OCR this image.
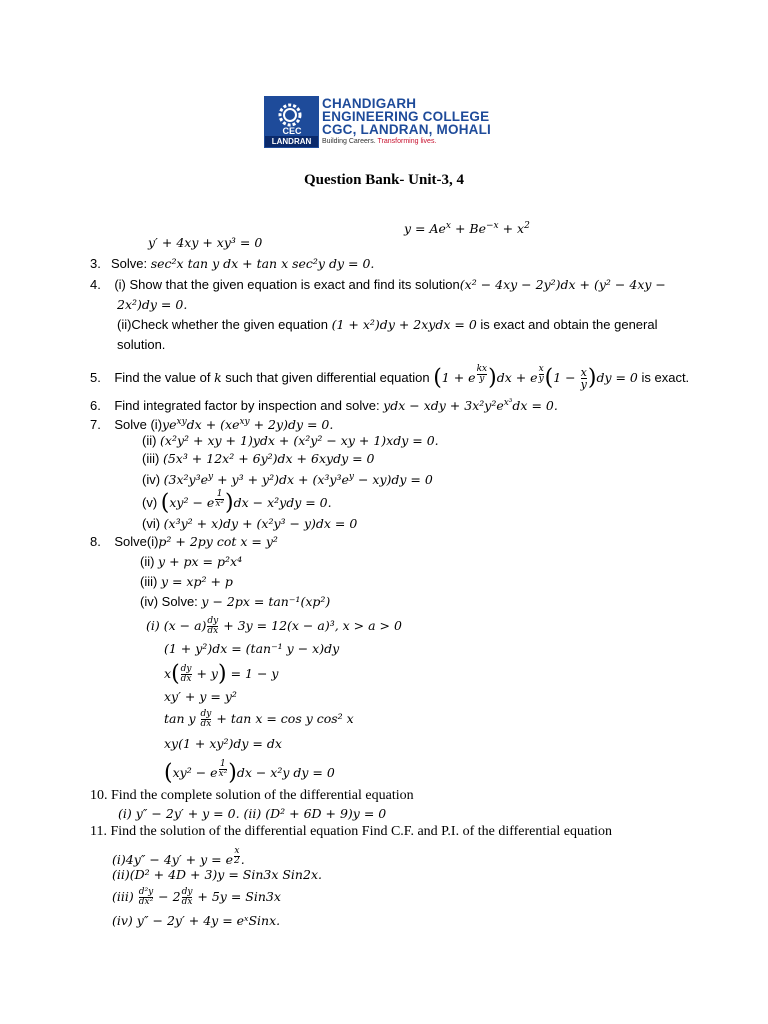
CEC
LANDRAN
CHANDIGARH
ENGINEERING COLLEGE
CGC, LANDRAN, MOHALI
Building Careers. Transforming lives.
Question Bank- Unit-3, 4
$y = Ae^x + Be^{-x} + x^2$
y′ + 4xy + xy³ = 0
3. Solve: sec²x tan y dx + tan x sec²y dy = 0.
4. (i) Show that the given equation is exact and find its solution(x² − 4xy − 2y²)dx + (y² − 4xy −
2x²)dy = 0.
(ii)Check whether the given equation (1 + x²)dy + 2xydx = 0 is exact and obtain the general
solution.
5. Find the value of k such that given differential equation (1 + e $^{\frac{kx}{y}}$ )dx + e $^{\frac{x}{y}}$ $(1 - \frac{x}{y} )dy = 0$ is exact.
6. Find integrated factor by inspection and solve: ydx − xdy + $3x^2y^2e^{x^3}dx = 0$.
7. Solve $(i)ye^{xy}dx + (xe^{xy} + 2y)dy = 0$.
(ii) (x²y² + xy + 1)ydx + (x²y² − xy + 1)xdy = 0.
(iii) (5x³ + 12x² + 6y²)dx + 6xydy = 0
(iv) $(3x^2y^3e^y + y^3 + y^2)dx + (x^3y^3e^y - xy)dy = 0$
(v) (xy² − e $^{\frac{1}{\text{x²}}}$ )dx − x²ydy = 0.
(vi) (x³y² + x)dy + (x²y³ − y)dx = 0
8. Solve(i)p² + 2py cot x = y²
(ii) y + px = p²x⁴
(iii) y = xp² + p
(iv) Solve: y − 2px = tan⁻¹(xp²)
(i) $(x - a) \frac{dy}{dx} + 3y = 12(x - a)^3$, x > a > 0
(1 + y²)dx = (tan⁻¹ y − x)dy
$x( \frac{dy}{dx} + y) = 1 - y$
xy′ + y = y²
tan y $\frac{dy}{dx} + \tan x = \cos y$ cos² x
xy(1 + xy²)dy = dx
(xy² − e $^{\frac{1}{\text{x²}}}$ )dx − x²y dy = 0
10. Find the complete solution of the differential equation
(i) y″ − 2y′ + y = 0. (ii) (D² + 6D + 9)y = 0
11. Find the solution of the differential equation Find C.F. and P.I. of the differential equation
(i)4y″ − 4y′ + y = e $^{\frac{x}{2}}$ .
(ii)(D² + 4D + 3)y = Sin3x Sin2x.
$(iii) \frac{\text{d²y}}{\text{dx²}} - 2 \frac{dy}{dx} + 5y = Sin3x$
(iv) y″ − 2y′ + 4y = eˣSinx.
